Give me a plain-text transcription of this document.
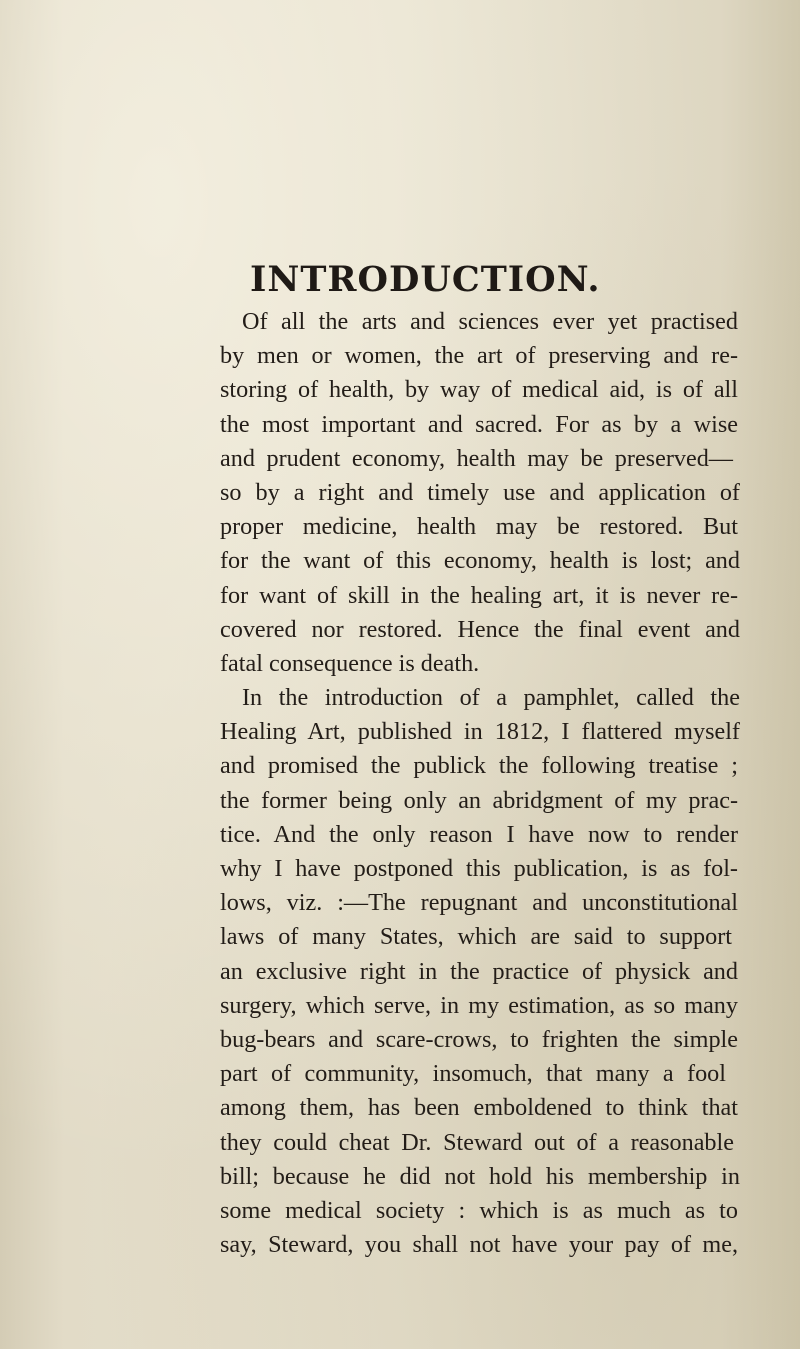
INTRODUCTION.
Of all the arts and sciences ever yet practised
by men or women, the art of preserving and re-
storing of health, by way of medical aid, is of all
the most important and sacred. For as by a wise
and prudent economy, health may be preserved—
so by a right and timely use and application of
proper medicine, health may be restored. But
for the want of this economy, health is lost; and
for want of skill in the healing art, it is never re-
covered nor restored. Hence the final event and
fatal consequence is death.
In the introduction of a pamphlet, called the
Healing Art, published in 1812, I flattered myself
and promised the publick the following treatise ;
the former being only an abridgment of my prac-
tice. And the only reason I have now to render
why I have postponed this publication, is as fol-
lows, viz. :—The repugnant and unconstitutional
laws of many States, which are said to support
an exclusive right in the practice of physick and
surgery, which serve, in my estimation, as so many
bug-bears and scare-crows, to frighten the simple
part of community, insomuch, that many a fool
among them, has been emboldened to think that
they could cheat Dr. Steward out of a reasonable
bill; because he did not hold his membership in
some medical society : which is as much as to
say, Steward, you shall not have your pay of me,
